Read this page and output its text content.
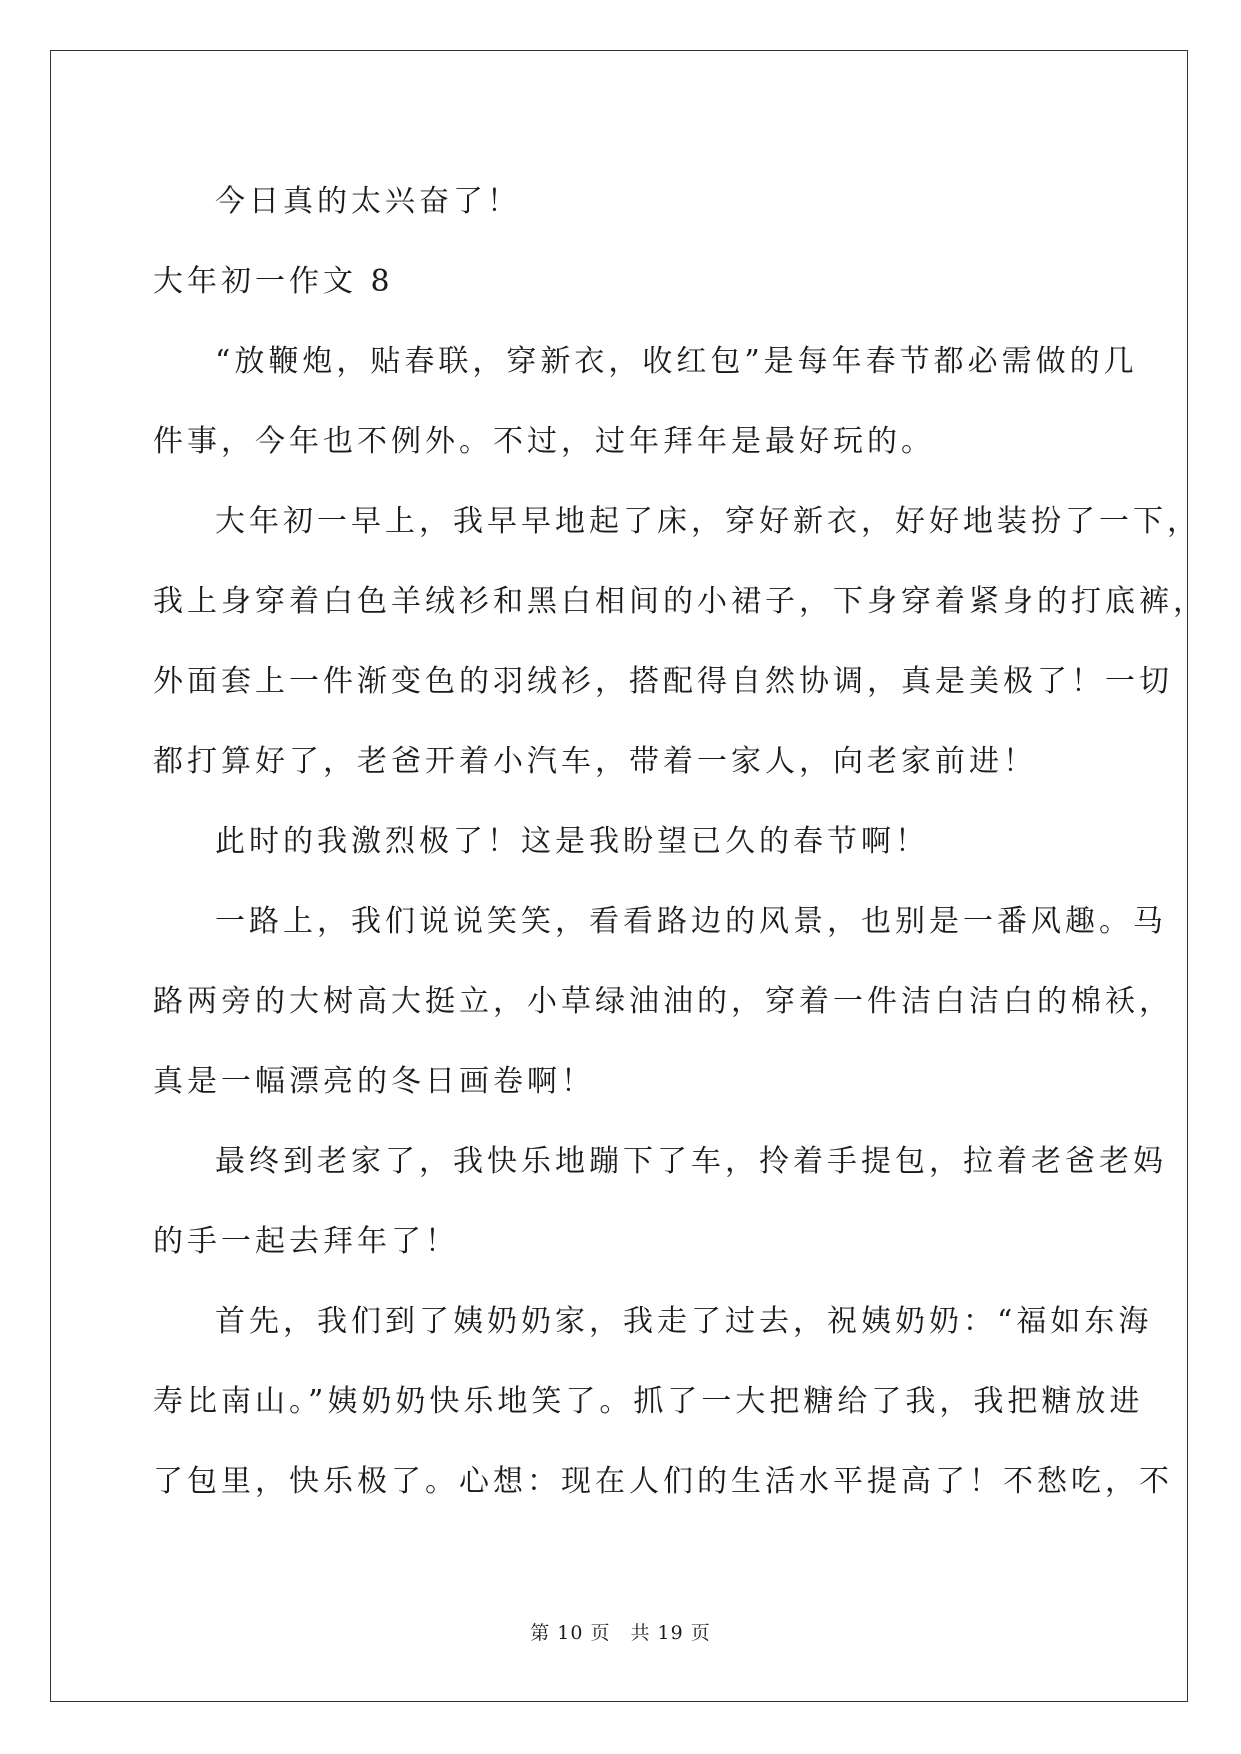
今日真的太兴奋了！

大年初一作文 8

“放鞭炮，贴春联，穿新衣，收红包”是每年春节都必需做的几

件事，今年也不例外。不过，过年拜年是最好玩的。

大年初一早上，我早早地起了床，穿好新衣，好好地装扮了一下，

我上身穿着白色羊绒衫和黑白相间的小裙子，下身穿着紧身的打底裤，

外面套上一件渐变色的羽绒衫，搭配得自然协调，真是美极了！一切

都打算好了，老爸开着小汽车，带着一家人，向老家前进！

此时的我激烈极了！这是我盼望已久的春节啊！

一路上，我们说说笑笑，看看路边的风景，也别是一番风趣。马

路两旁的大树高大挺立，小草绿油油的，穿着一件洁白洁白的棉袄，

真是一幅漂亮的冬日画卷啊！

最终到老家了，我快乐地蹦下了车，拎着手提包，拉着老爸老妈

的手一起去拜年了！

首先，我们到了姨奶奶家，我走了过去，祝姨奶奶：“福如东海

寿比南山。”姨奶奶快乐地笑了。抓了一大把糖给了我，我把糖放进

了包里，快乐极了。心想：现在人们的生活水平提高了！不愁吃，不

第 10 页　共 19 页
